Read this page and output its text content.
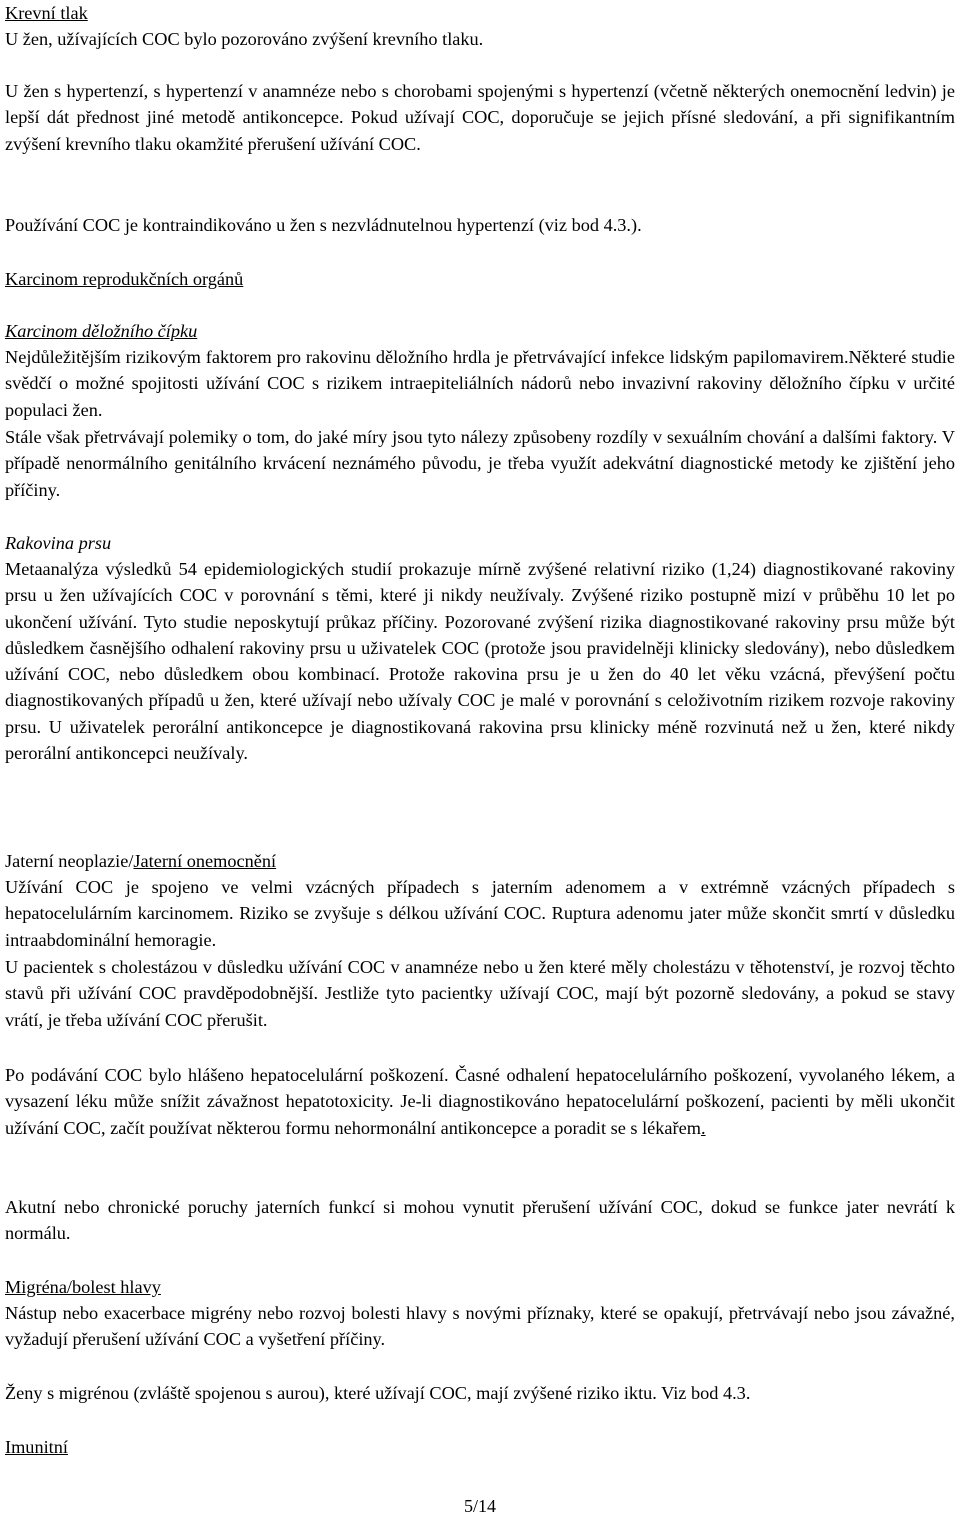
Krevní tlak
U žen, užívajících COC bylo pozorováno zvýšení krevního tlaku.
U žen s hypertenzí, s hypertenzí v anamnéze nebo s chorobami spojenými s hypertenzí (včetně některých onemocnění ledvin) je lepší dát přednost jiné metodě antikoncepce. Pokud užívají COC, doporučuje se jejich přísné sledování, a při signifikantním zvýšení krevního tlaku okamžité přerušení užívání COC.
Používání COC je kontraindikováno u žen s nezvládnutelnou hypertenzí (viz bod 4.3.).
Karcinom reprodukčních orgánů
Karcinom děložního čípku
Nejdůležitějším rizikovým faktorem pro rakovinu děložního hrdla je přetrvávající infekce lidským papilomavirem.Některé studie svědčí o možné spojitosti užívání COC s rizikem intraepiteliálních nádorů nebo invazivní rakoviny děložního čípku v určité populaci žen.
Stále však přetrvávají polemiky o tom, do jaké míry jsou tyto nálezy způsobeny rozdíly v sexuálním chování a dalšími faktory. V případě nenormálního genitálního krvácení neznámého původu, je třeba využít adekvátní diagnostické metody ke zjištění jeho příčiny.
Rakovina prsu
Metaanalýza výsledků 54 epidemiologických studií prokazuje mírně zvýšené relativní riziko (1,24) diagnostikované rakoviny prsu u žen užívajících COC v porovnání s těmi, které ji nikdy neužívaly. Zvýšené riziko postupně mizí v průběhu 10 let po ukončení užívání. Tyto studie neposkytují průkaz příčiny. Pozorované zvýšení rizika diagnostikované rakoviny prsu může být důsledkem časnějšího odhalení rakoviny prsu u uživatelek COC (protože jsou pravidelněji klinicky sledovány), nebo důsledkem užívání COC, nebo důsledkem obou kombinací. Protože rakovina prsu je u žen do 40 let věku vzácná, převýšení počtu diagnostikovaných případů u žen, které užívají nebo užívaly COC je malé v porovnání s celoživotním rizikem rozvoje rakoviny prsu. U uživatelek perorální antikoncepce je diagnostikovaná rakovina prsu klinicky méně rozvinutá než u žen, které nikdy perorální antikoncepci neužívaly.
Jaterní neoplazie/Jaterní onemocnění
Užívání COC je spojeno ve velmi vzácných případech s jaterním adenomem a v extrémně vzácných případech s hepatocelulárním karcinomem. Riziko se zvyšuje s délkou užívání COC. Ruptura adenomu jater může skončit smrtí v důsledku intraabdominální hemoragie.
U pacientek s cholestázou v důsledku užívání COC v anamnéze nebo u žen které měly cholestázu v těhotenství, je rozvoj těchto stavů při užívání COC pravděpodobnější. Jestliže tyto pacientky užívají COC, mají být pozorně sledovány, a pokud se stavy vrátí, je třeba užívání COC přerušit.
Po podávání COC bylo hlášeno hepatocelulární poškození. Časné odhalení hepatocelulárního poškození, vyvolaného lékem, a vysazení léku může snížit závažnost hepatotoxicity. Je-li diagnostikováno hepatocelulární poškození, pacienti by měli ukončit užívání COC, začít používat některou formu nehormonální antikoncepce a poradit se s lékařem.
Akutní nebo chronické poruchy jaterních funkcí si mohou vynutit přerušení užívání COC, dokud se funkce jater nevrátí k normálu.
Migréna/bolest hlavy
Nástup nebo exacerbace migrény nebo rozvoj bolesti hlavy s novými příznaky, které se opakují, přetrvávají nebo jsou závažné, vyžadují přerušení užívání COC a vyšetření příčiny.
Ženy s migrénou (zvláště spojenou s aurou), které užívají COC, mají zvýšené riziko iktu. Viz bod 4.3.
Imunitní
5/14
